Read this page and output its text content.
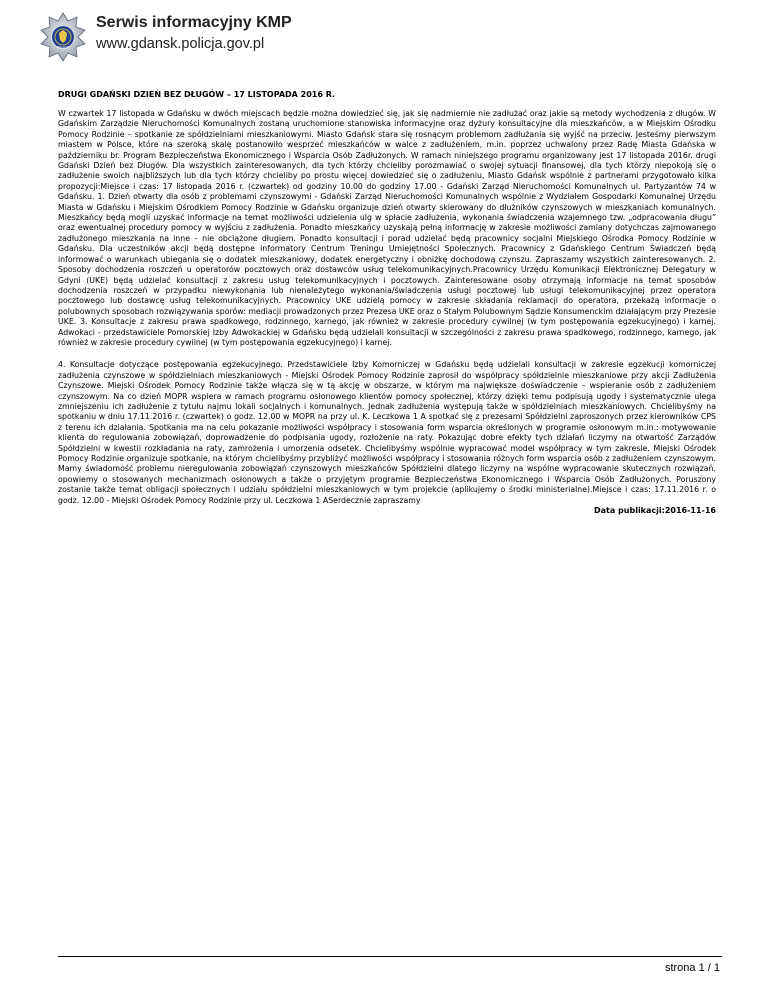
POLICJA
Serwis informacyjny KMP
www.gdansk.policja.gov.pl
DRUGI GDAŃSKI DZIEŃ BEZ DŁUGÓW – 17 LISTOPADA 2016 R.

W czwartek 17 listopada w Gdańsku w dwóch miejscach będzie można dowiedzieć się, jak się nadmiernie nie zadłużać oraz jakie są metody wychodzenia z długów. W Gdańskim Zarządzie Nieruchomości Komunalnych zostaną uruchomione stanowiska informacyjne oraz dyżury konsultacyjne dla mieszkańców, a w Miejskim Ośrodku Pomocy Rodzinie – spotkanie ze spółdzielniami mieszkaniowymi. Miasto Gdańsk stara się rosnącym problemom zadłużania się wyjść na przeciw. Jesteśmy pierwszym miastem w Polsce, które na szeroką skalę postanowiło wesprzeć mieszkańców w walce z zadłużeniem, m.in. poprzez uchwalony przez Radę Miasta Gdańska w październiku br. Program Bezpieczeństwa Ekonomicznego i Wsparcia Osób Zadłużonych. W ramach niniejszego programu organizowany jest 17 listopada 2016r. drugi Gdański Dzień bez Długów. Dla wszystkich zainteresowanych, dla tych którzy chcieliby porozmawiać o swojej sytuacji finansowej, dla tych którzy niepokoją się o zadłużenie swoich najbliższych lub dla tych którzy chcieliby po prostu więcej dowiedzieć się o zadłużeniu, Miasto Gdańsk wspólnie z partnerami przygotowało kilka propozycji:Miejsce i czas: 17 listopada 2016 r. (czwartek) od godziny 10.00 do godziny 17.00 - Gdański Zarząd Nieruchomości Komunalnych ul. Partyzantów 74 w Gdańsku. 1. Dzień otwarty dla osób z problemami czynszowymi - Gdański Zarząd Nieruchomości Komunalnych wspólnie z Wydziałem Gospodarki Komunalnej Urzędu Miasta w Gdańsku i Miejskim Ośrodkiem Pomocy Rodzinie w Gdańsku organizuje dzień otwarty skierowany do dłużników czynszowych w mieszkaniach komunalnych. Mieszkańcy będą mogli uzyskać informacje na temat możliwości udzielenia ulg w spłacie zadłużenia, wykonania świadczenia wzajemnego tzw. „odpracowania długu” oraz ewentualnej procedury pomocy w wyjściu z zadłużenia. Ponadto mieszkańcy uzyskają pełną informację w zakresie możliwości zamiany dotychczas zajmowanego zadłużonego mieszkania na inne – nie obciążone długiem. Ponadto konsultacji i porad udzielać będą pracownicy socjalni Miejskiego Ośrodka Pomocy Rodzinie w Gdańsku. Dla uczestników akcji będą dostępne informatory Centrum Treningu Umiejętności Społecznych. Pracownicy z Gdańskiego Centrum Świadczeń będą informować o warunkach ubiegania się o dodatek mieszkaniowy, dodatek energetyczny i obniżkę dochodową czynszu. Zapraszamy wszystkich zainteresowanych. 2. Sposoby dochodzenia roszczeń u operatorów pocztowych oraz dostawców usług telekomunikacyjnych.Pracownicy Urzędu Komunikacji Elektronicznej Delegatury w Gdyni (UKE) będą udzielać konsultacji z zakresu usług telekomunikacyjnych i pocztowych. Zainteresowane osoby otrzymają informacje na temat sposobów dochodzenia roszczeń w przypadku niewykonania lub nienależytego wykonania/świadczenia usługi pocztowej lub usługi telekomunikacyjnej przez operatora pocztowego lub dostawcę usług telekomunikacyjnych. Pracownicy UKE udzielą pomocy w zakresie składania reklamacji do operatora, przekażą informacje o polubownych sposobach rozwiązywania sporów: mediacji prowadzonych przez Prezesa UKE oraz o Stałym Polubownym Sądzie Konsumenckim działającym przy Prezesie UKE. 3. Konsultacje z zakresu prawa spadkowego, rodzinnego, karnego, jak również w zakresie procedury cywilnej (w tym postępowania egzekucyjnego) i karnej. Adwokaci - przedstawiciele Pomorskiej Izby Adwokackiej w Gdańsku będą udzielali konsultacji w szczególności z zakresu prawa spadkowego, rodzinnego, karnego, jak również w zakresie procedury cywilnej (w tym postępowania egzekucyjnego) i karnej.

4. Konsultacje dotyczące postępowania egzekucyjnego. Przedstawiciele Izby Komorniczej w Gdańsku będą udzielali konsultacji w zakresie egzekucji komorniczej zadłużenia czynszowe w spółdzielniach mieszkaniowych - Miejski Ośrodek Pomocy Rodzinie zaprosił do współpracy spółdzielnie mieszkaniowe przy akcji Zadłużenia Czynszowe. Miejski Ośrodek Pomocy Rodzinie także włącza się w tą akcję w obszarze, w którym ma największe doświadczenie – wspieranie osób z zadłużeniem czynszowym. Na co dzień MOPR wspiera w ramach programu osłonowego klientów pomocy społecznej, którzy dzięki temu podpisują ugody i systematycznie ulega zmniejszeniu ich zadłużenie z tytułu najmu lokali socjalnych i komunalnych. Jednak zadłużenia występują także w spółdzielniach mieszkaniowych. Chcielibyśmy na spotkaniu w dniu 17.11.2016 r. (czwartek) o godz. 12.00 w MOPR na przy ul. K. Leczkowa 1 A spotkać się z prezesami Spółdzielni zaproszonych przez kierowników CPS z terenu ich działania. Spotkania ma na celu pokazanie możliwości współpracy i stosowania form wsparcia określonych w programie osłonowym m.in.: motywowanie klienta do regulowania zobowiązań, doprowadzenie do podpisania ugody, rozłożenie na raty. Pokazując dobre efekty tych działań liczymy na otwartość Zarządów Spółdzielni w kwestii rozkładania na raty, zamrożenia i umorzenia odsetek. Chcielibyśmy wspólnie wypracować model współpracy w tym zakresie. Miejski Ośrodek Pomocy Rodzinie organizuje spotkanie, na którym chcielibyśmy przybliżyć możliwości współpracy i stosowania różnych form wsparcia osób z zadłużeniem czynszowym. Mamy świadomość problemu nieregulowania zobowiązań czynszowych mieszkańców Spółdzielni dlatego liczymy na wspólne wypracowanie skutecznych rozwiązań. opowiemy o stosowanych mechanizmach osłonowych a także o przyjętym programie Bezpieczeństwa Ekonomicznego i Wsparcia Osób Zadłużonych. Poruszony zostanie także temat obligacji społecznych i udziału spółdzielni mieszkaniowych w tym projekcie (aplikujemy o środki ministerialne).Miejsce i czas: 17.11.2016 r. o godz. 12.00 - Miejski Ośrodek Pomocy Rodzinie przy ul. Leczkowa 1 ASerdecznie zapraszamy

Data publikacji:2016-11-16
strona 1 / 1
